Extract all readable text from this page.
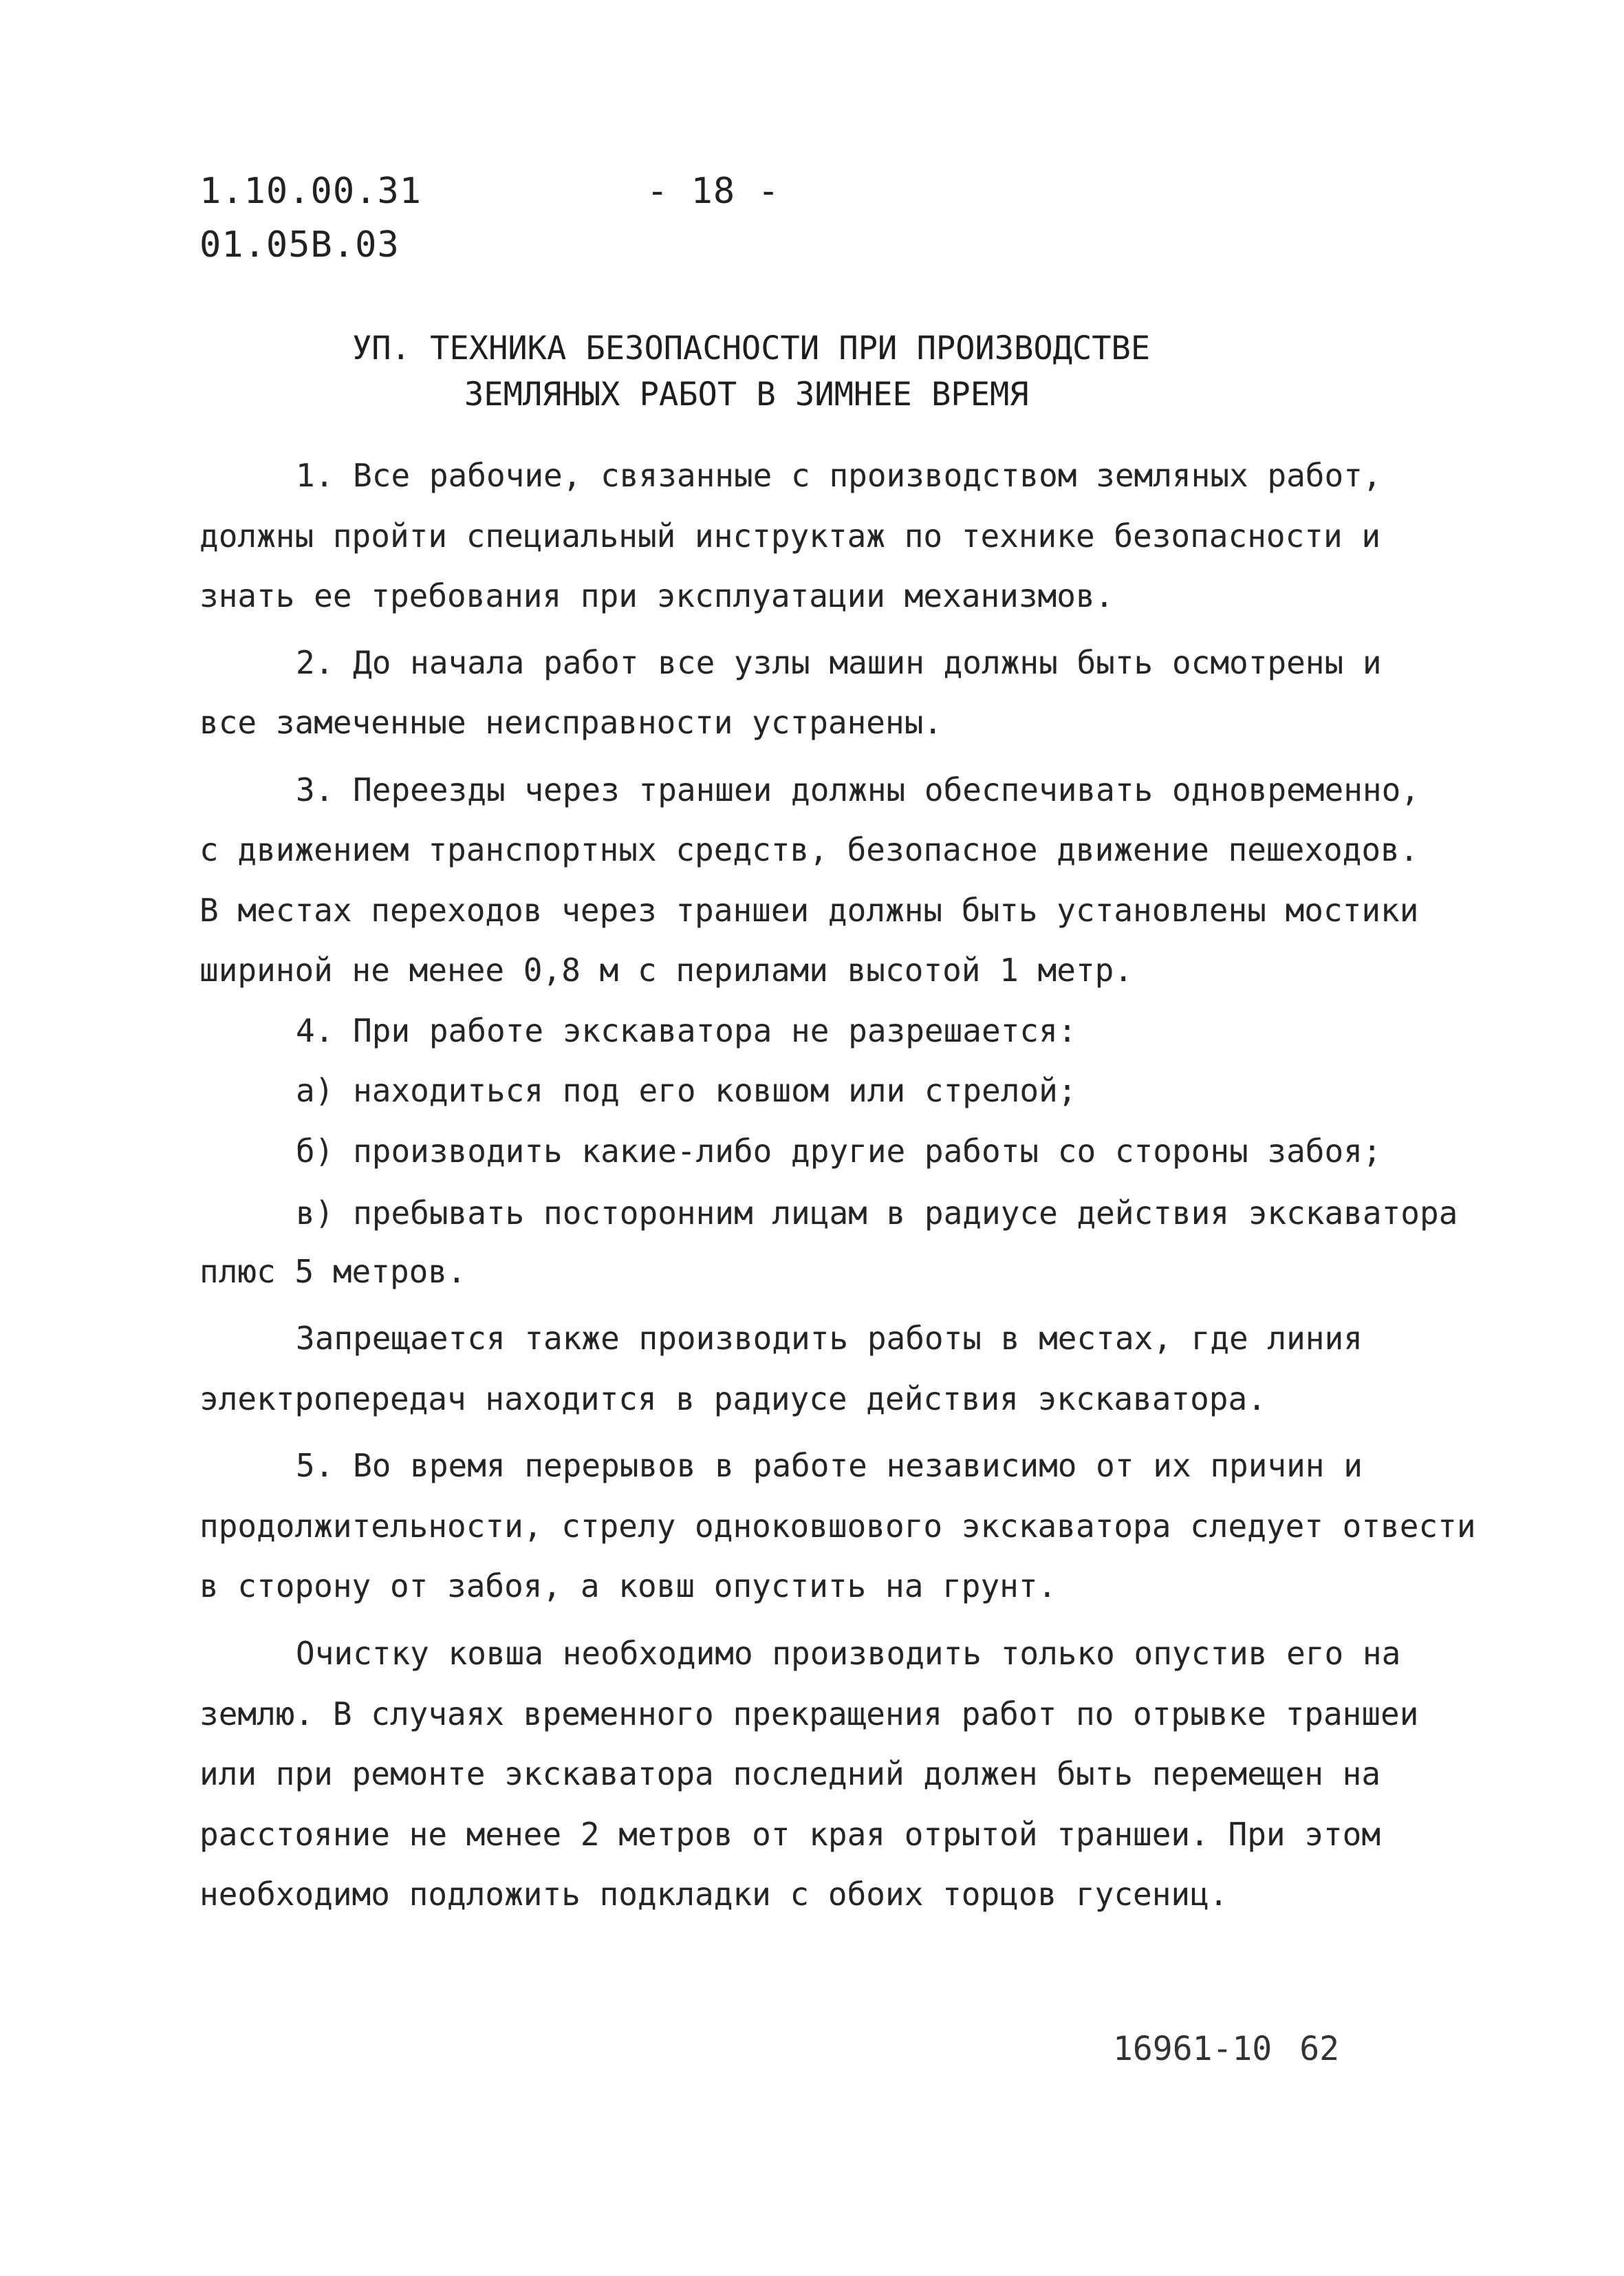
1.10.00.31
01.05В.03
- 18 -
УП. ТЕХНИКА БЕЗОПАСНОСТИ ПРИ ПРОИЗВОДСТВЕ
ЗЕМЛЯНЫХ РАБОТ В ЗИМНЕЕ ВРЕМЯ
1. Все рабочие, связанные с производством земляных работ,
должны пройти специальный инструктаж по технике безопасности и
знать ее требования при эксплуатации механизмов.
2. До начала работ все узлы машин должны быть осмотрены и
все замеченные неисправности устранены.
3. Переезды через траншеи должны обеспечивать одновременно,
с движением транспортных средств, безопасное движение пешеходов.
В местах переходов через траншеи должны быть установлены мостики
шириной не менее 0,8 м с перилами высотой 1 метр.
4. При работе экскаватора не разрешается:
а) находиться под его ковшом или стрелой;
б) производить какие-либо другие работы со стороны забоя;
в) пребывать посторонним лицам в радиусе действия экскаватора
плюс 5 метров.
Запрещается также производить работы в местах, где линия
электропередач находится в радиусе действия экскаватора.
5. Во время перерывов в работе независимо от их причин и
продолжительности, стрелу одноковшового экскаватора следует отвести
в сторону от забоя, а ковш опустить на грунт.
Очистку ковша необходимо производить только опустив его на
землю. В случаях временного прекращения работ по отрывке траншеи
или при ремонте экскаватора последний должен быть перемещен на
расстояние не менее 2 метров от края отрытой траншеи. При этом
необходимо подложить подкладки с обоих торцов гусениц.
16961-10 62
